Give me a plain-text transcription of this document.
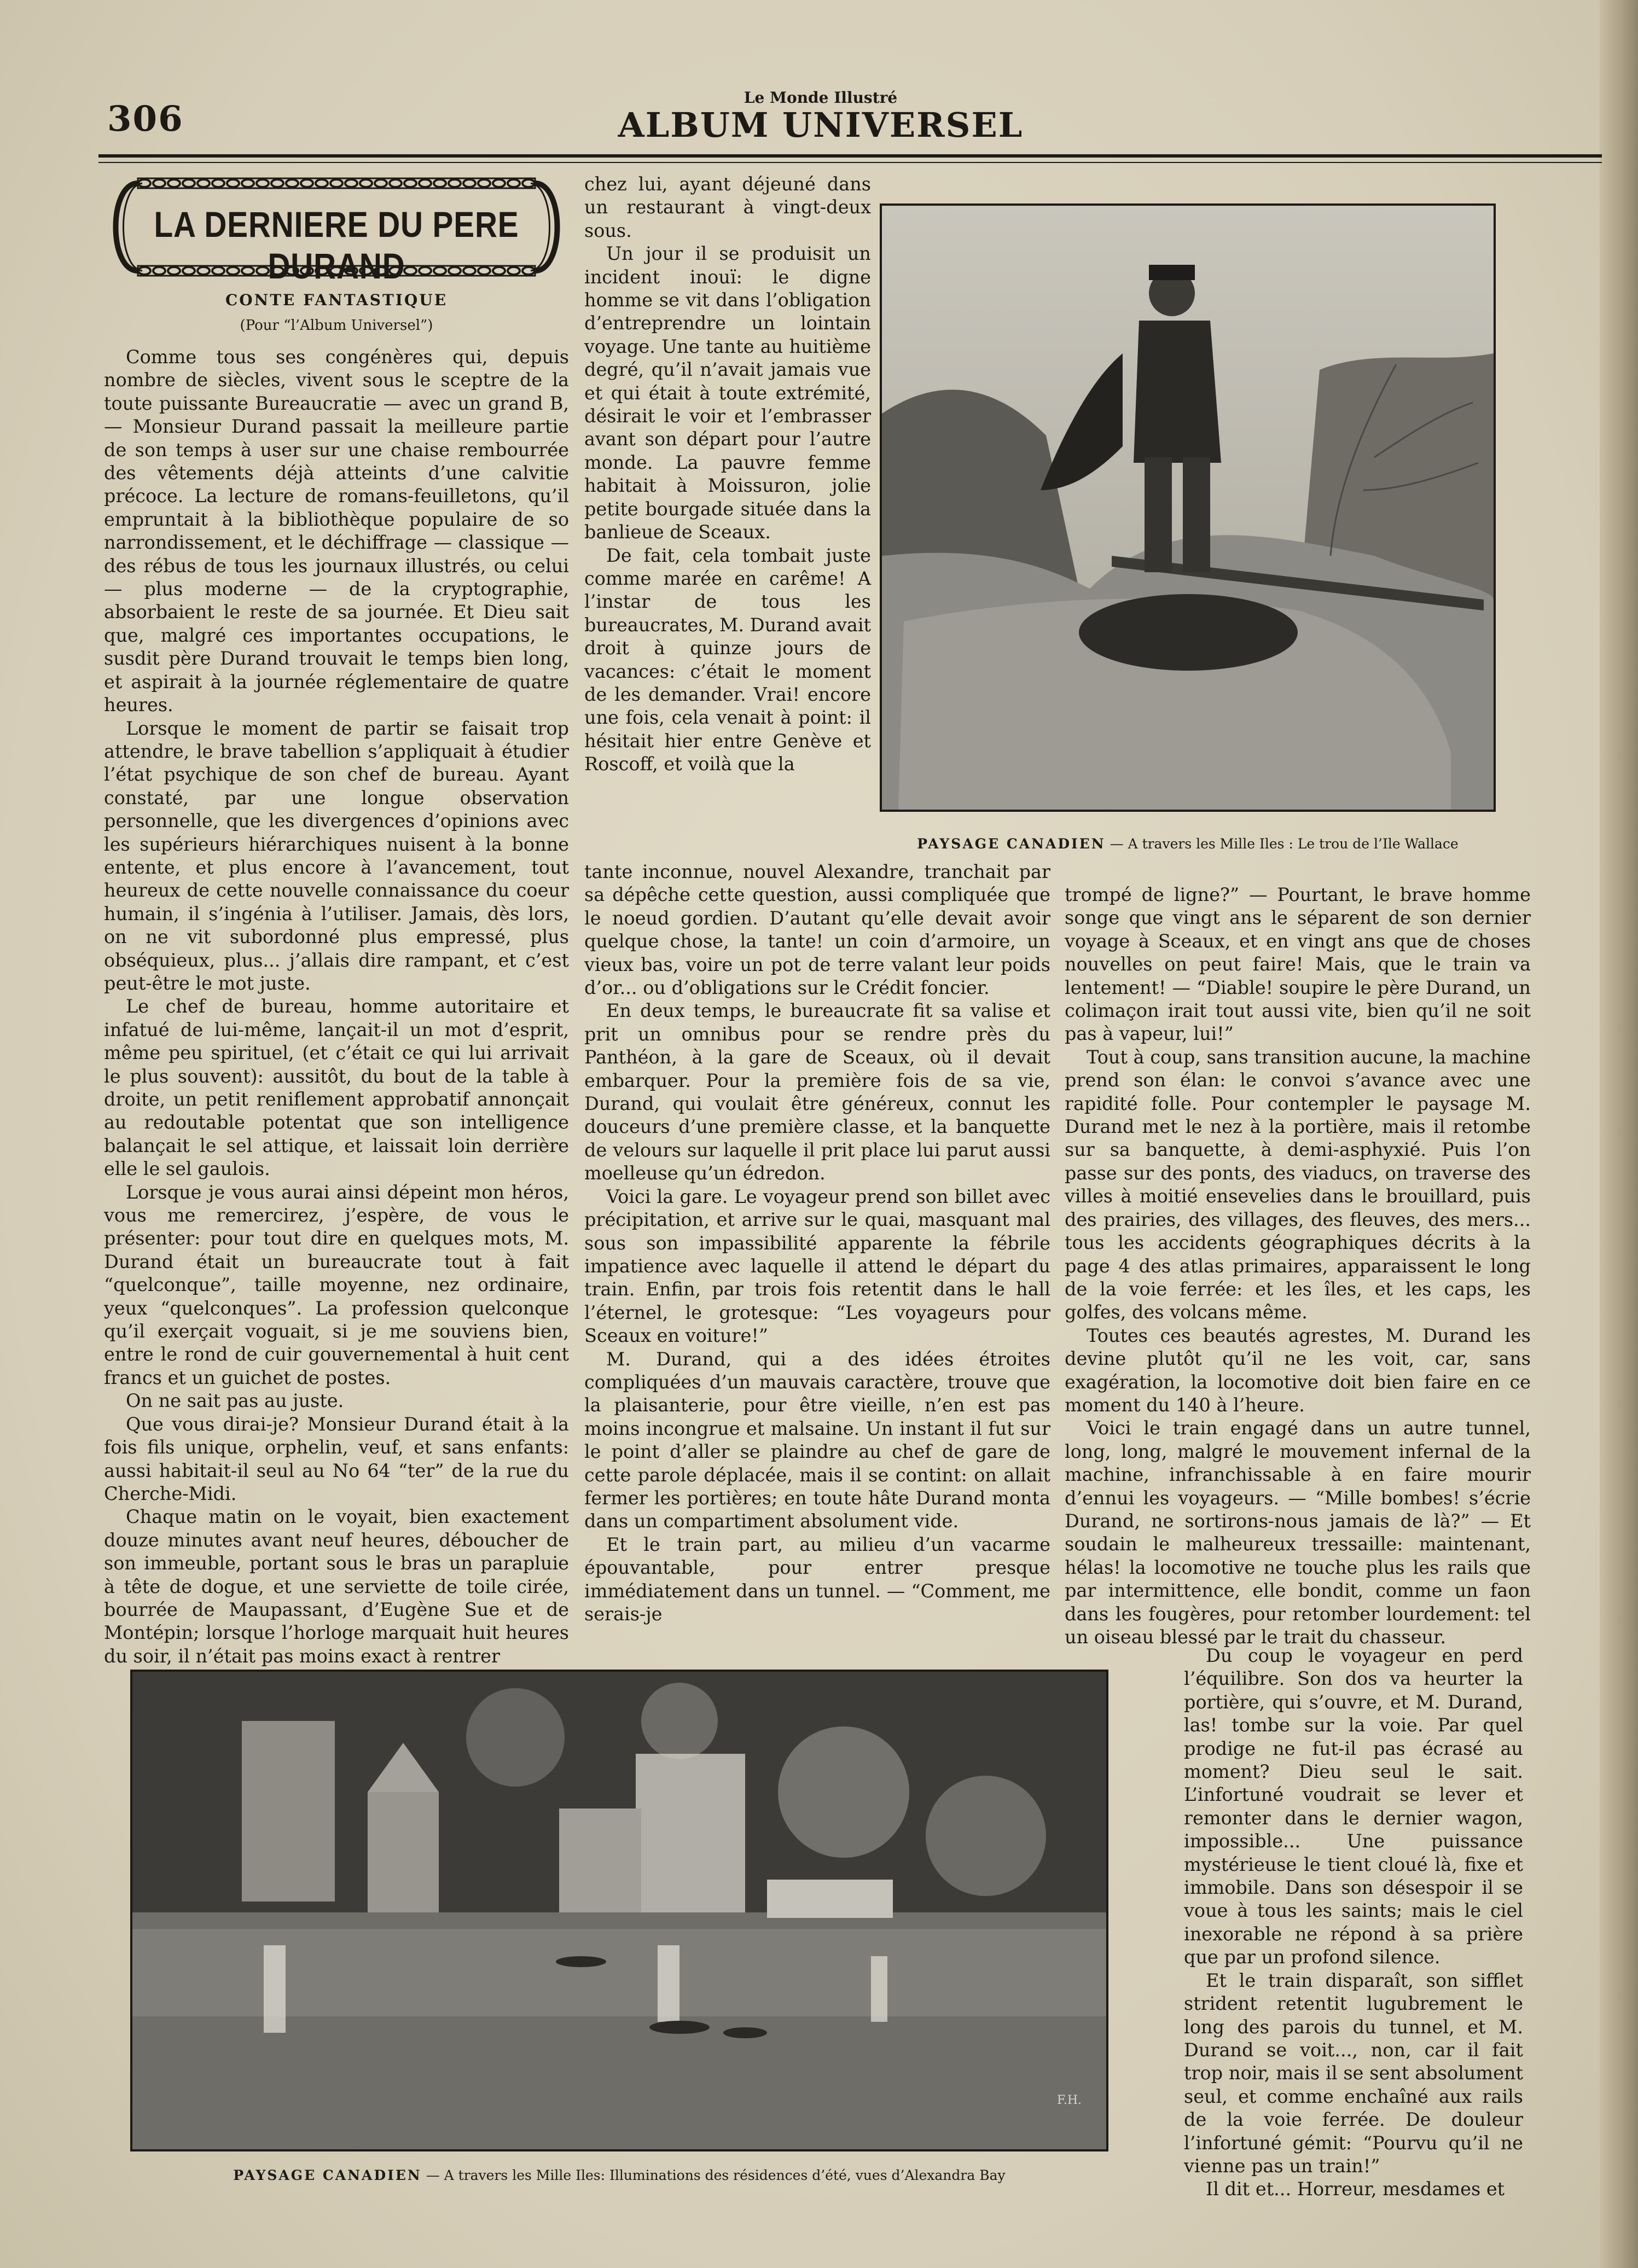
306
Le Monde Illustré
ALBUM UNIVERSEL
LA DERNIERE DU PERE DURAND
CONTE FANTASTIQUE
(Pour “l’Album Universel”)

Comme tous ses congénères qui, depuis nombre de siècles, vivent sous le sceptre de la toute puissante Bureaucratie — avec un grand B, — Monsieur Durand passait la meilleure partie de son temps à user sur une chaise rembourrée des vêtements déjà atteints d’une calvitie précoce. La lecture de romans-feuilletons, qu’il empruntait à la bibliothèque populaire de so narrondissement, et le déchiffrage — classique — des rébus de tous les journaux illustrés, ou celui — plus moderne — de la cryptographie, absorbaient le reste de sa journée. Et Dieu sait que, malgré ces importantes occupations, le susdit père Durand trouvait le temps bien long, et aspirait à la journée réglementaire de quatre heures.

Lorsque le moment de partir se faisait trop attendre, le brave tabellion s’appliquait à étudier l’état psychique de son chef de bureau. Ayant constaté, par une longue observation personnelle, que les divergences d’opinions avec les supérieurs hiérarchiques nuisent à la bonne entente, et plus encore à l’avancement, tout heureux de cette nouvelle connaissance du coeur humain, il s’ingénia à l’utiliser. Jamais, dès lors, on ne vit subordonné plus empressé, plus obséquieux, plus... j’allais dire rampant, et c’est peut-être le mot juste.

Le chef de bureau, homme autoritaire et infatué de lui-même, lançait-il un mot d’esprit, même peu spirituel, (et c’était ce qui lui arrivait le plus souvent): aussitôt, du bout de la table à droite, un petit reniflement approbatif annonçait au redoutable potentat que son intelligence balançait le sel attique, et laissait loin derrière elle le sel gaulois.

Lorsque je vous aurai ainsi dépeint mon héros, vous me remercirez, j’espère, de vous le présenter: pour tout dire en quelques mots, M. Durand était un bureaucrate tout à fait “quelconque”, taille moyenne, nez ordinaire, yeux “quelconques”. La profession quelconque qu’il exerçait voguait, si je me souviens bien, entre le rond de cuir gouvernemental à huit cent francs et un guichet de postes.

On ne sait pas au juste.

Que vous dirai-je? Monsieur Durand était à la fois fils unique, orphelin, veuf, et sans enfants: aussi habitait-il seul au No 64 “ter” de la rue du Cherche-Midi.

Chaque matin on le voyait, bien exactement douze minutes avant neuf heures, déboucher de son immeuble, portant sous le bras un parapluie à tête de dogue, et une serviette de toile cirée, bourrée de Maupassant, d’Eugène Sue et de Montépin; lorsque l’horloge marquait huit heures du soir, il n’était pas moins exact à rentrer

chez lui, ayant déjeuné dans un restaurant à vingt-deux sous.

Un jour il se produisit un incident inouï: le digne homme se vit dans l’obligation d’entreprendre un lointain voyage. Une tante au huitième degré, qu’il n’avait jamais vue et qui était à toute extrémité, désirait le voir et l’embrasser avant son départ pour l’autre monde. La pauvre femme habitait à Moissuron, jolie petite bourgade située dans la banlieue de Sceaux.

De fait, cela tombait juste comme marée en carême! A l’instar de tous les bureaucrates, M. Durand avait droit à quinze jours de vacances: c’était le moment de les demander. Vrai! encore une fois, cela venait à point: il hésitait hier entre Genève et Roscoff, et voilà que la

tante inconnue, nouvel Alexandre, tranchait par sa dépêche cette question, aussi compliquée que le noeud gordien. D’autant qu’elle devait avoir quelque chose, la tante! un coin d’armoire, un vieux bas, voire un pot de terre valant leur poids d’or... ou d’obligations sur le Crédit foncier.

En deux temps, le bureaucrate fit sa valise et prit un omnibus pour se rendre près du Panthéon, à la gare de Sceaux, où il devait embarquer. Pour la première fois de sa vie, Durand, qui voulait être généreux, connut les douceurs d’une première classe, et la banquette de velours sur laquelle il prit place lui parut aussi moelleuse qu’un édredon.

Voici la gare. Le voyageur prend son billet avec précipitation, et arrive sur le quai, masquant mal sous son impassibilité apparente la fébrile impatience avec laquelle il attend le départ du train. Enfin, par trois fois retentit dans le hall l’éternel, le grotesque: “Les voyageurs pour Sceaux en voiture!”

M. Durand, qui a des idées étroites compliquées d’un mauvais caractère, trouve que la plaisanterie, pour être vieille, n’en est pas moins incongrue et malsaine. Un instant il fut sur le point d’aller se plaindre au chef de gare de cette parole déplacée, mais il se contint: on allait fermer les portières; en toute hâte Durand monta dans un compartiment absolument vide.

Et le train part, au milieu d’un vacarme épouvantable, pour entrer presque immédiatement dans un tunnel. — “Comment, me serais-je

trompé de ligne?” — Pourtant, le brave homme songe que vingt ans le séparent de son dernier voyage à Sceaux, et en vingt ans que de choses nouvelles on peut faire! Mais, que le train va lentement! — “Diable! soupire le père Durand, un colimaçon irait tout aussi vite, bien qu’il ne soit pas à vapeur, lui!”

Tout à coup, sans transition aucune, la machine prend son élan: le convoi s’avance avec une rapidité folle. Pour contempler le paysage M. Durand met le nez à la portière, mais il retombe sur sa banquette, à demi-asphyxié. Puis l’on passe sur des ponts, des viaducs, on traverse des villes à moitié ensevelies dans le brouillard, puis des prairies, des villages, des fleuves, des mers... tous les accidents géographiques décrits à la page 4 des atlas primaires, apparaissent le long de la voie ferrée: et les îles, et les caps, les golfes, des volcans même.

Toutes ces beautés agrestes, M. Durand les devine plutôt qu’il ne les voit, car, sans exagération, la locomotive doit bien faire en ce moment du 140 à l’heure.

Voici le train engagé dans un autre tunnel, long, long, malgré le mouvement infernal de la machine, infranchissable à en faire mourir d’ennui les voyageurs. — “Mille bombes! s’écrie Durand, ne sortirons-nous jamais de là?” — Et soudain le malheureux tressaille: maintenant, hélas! la locomotive ne touche plus les rails que par intermittence, elle bondit, comme un faon dans les fougères, pour retomber lourdement: tel un oiseau blessé par le trait du chasseur.

Du coup le voyageur en perd l’équilibre. Son dos va heurter la portière, qui s’ouvre, et M. Durand, las! tombe sur la voie. Par quel prodige ne fut-il pas écrasé au moment? Dieu seul le sait. L’infortuné voudrait se lever et remonter dans le dernier wagon, impossible... Une puissance mystérieuse le tient cloué là, fixe et immobile. Dans son désespoir il se voue à tous les saints; mais le ciel inexorable ne répond à sa prière que par un profond silence.

Et le train disparaît, son sifflet strident retentit lugubrement le long des parois du tunnel, et M. Durand se voit..., non, car il fait trop noir, mais il se sent absolument seul, et comme enchaîné aux rails de la voie ferrée. De douleur l’infortuné gémit: “Pourvu qu’il ne vienne pas un train!”

Il dit et... Horreur, mesdames et

PAYSAGE CANADIEN — A travers les Mille Iles : Le trou de l’Ile Wallace
F.H.
PAYSAGE CANADIEN — A travers les Mille Iles: Illuminations des résidences d’été, vues d’Alexandra Bay
